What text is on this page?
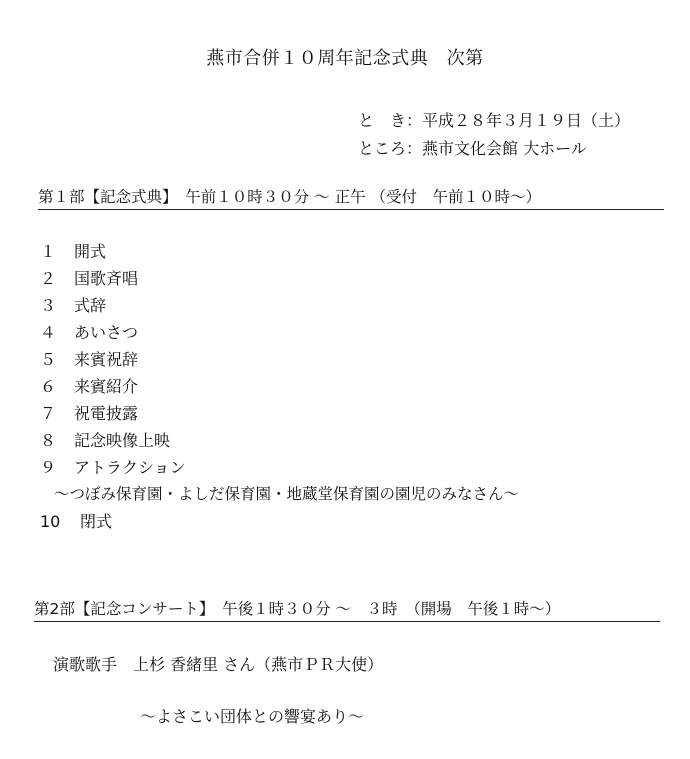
燕市合併１０周年記念式典　次第
と　き：平成２８年３月１９日（土）
ところ：燕市文化会館 大ホール
第１部【記念式典】　午前１０時３０分 ～ 正午 （受付　午前１０時～）
１ 開式
２ 国歌斉唱
３ 式辞
４ あいさつ
５ 来賓祝辞
６ 来賓紹介
７ 祝電披露
８ 記念映像上映
９ アトラクション
～つぼみ保育園・よしだ保育園・地蔵堂保育園の園児のみなさん～
10 閉式
第2部【記念コンサート】　午後１時３０分 ～　３時　（開場　午後１時～）
演歌歌手　上杉 香緒里 さん（燕市ＰＲ大使）
～よさこい団体との響宴あり～
